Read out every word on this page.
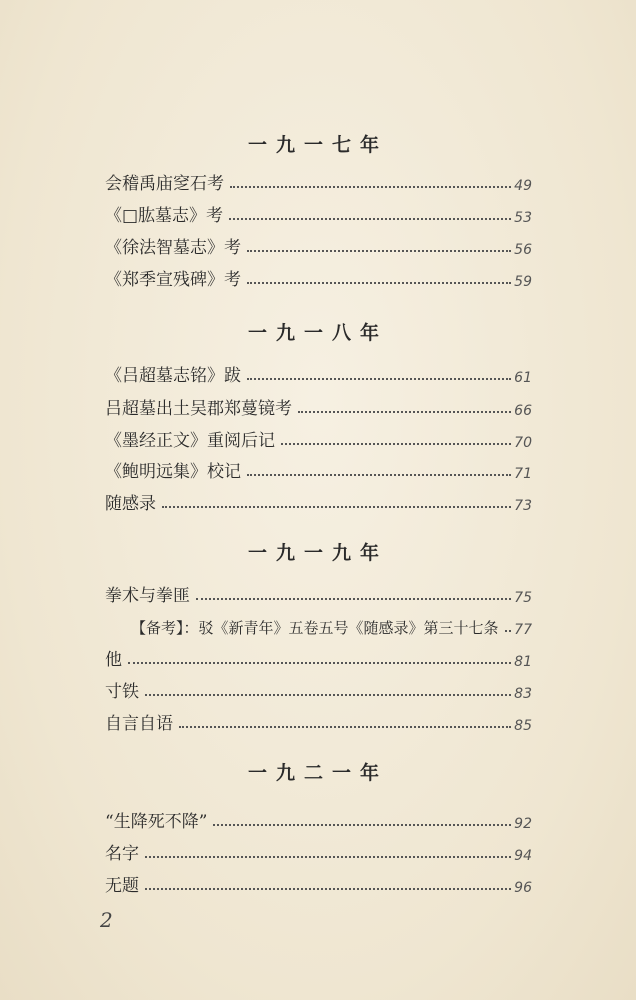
一九一七年
会稽禹庙窆石考	49
《□肱墓志》考	53
《徐法智墓志》考	56
《郑季宣残碑》考	59
一九一八年
《吕超墓志铭》跋	61
吕超墓出土吴郡郑蔓镜考	66
《墨经正文》重阅后记	70
《鲍明远集》校记	71
随感录	73
一九一九年
拳术与拳匪	75
【备考】：驳《新青年》五卷五号《随感录》第三十七条 77
他	81
寸铁	83
自言自语	85
一九二一年
“生降死不降”	92
名字	94
无题	96
2
